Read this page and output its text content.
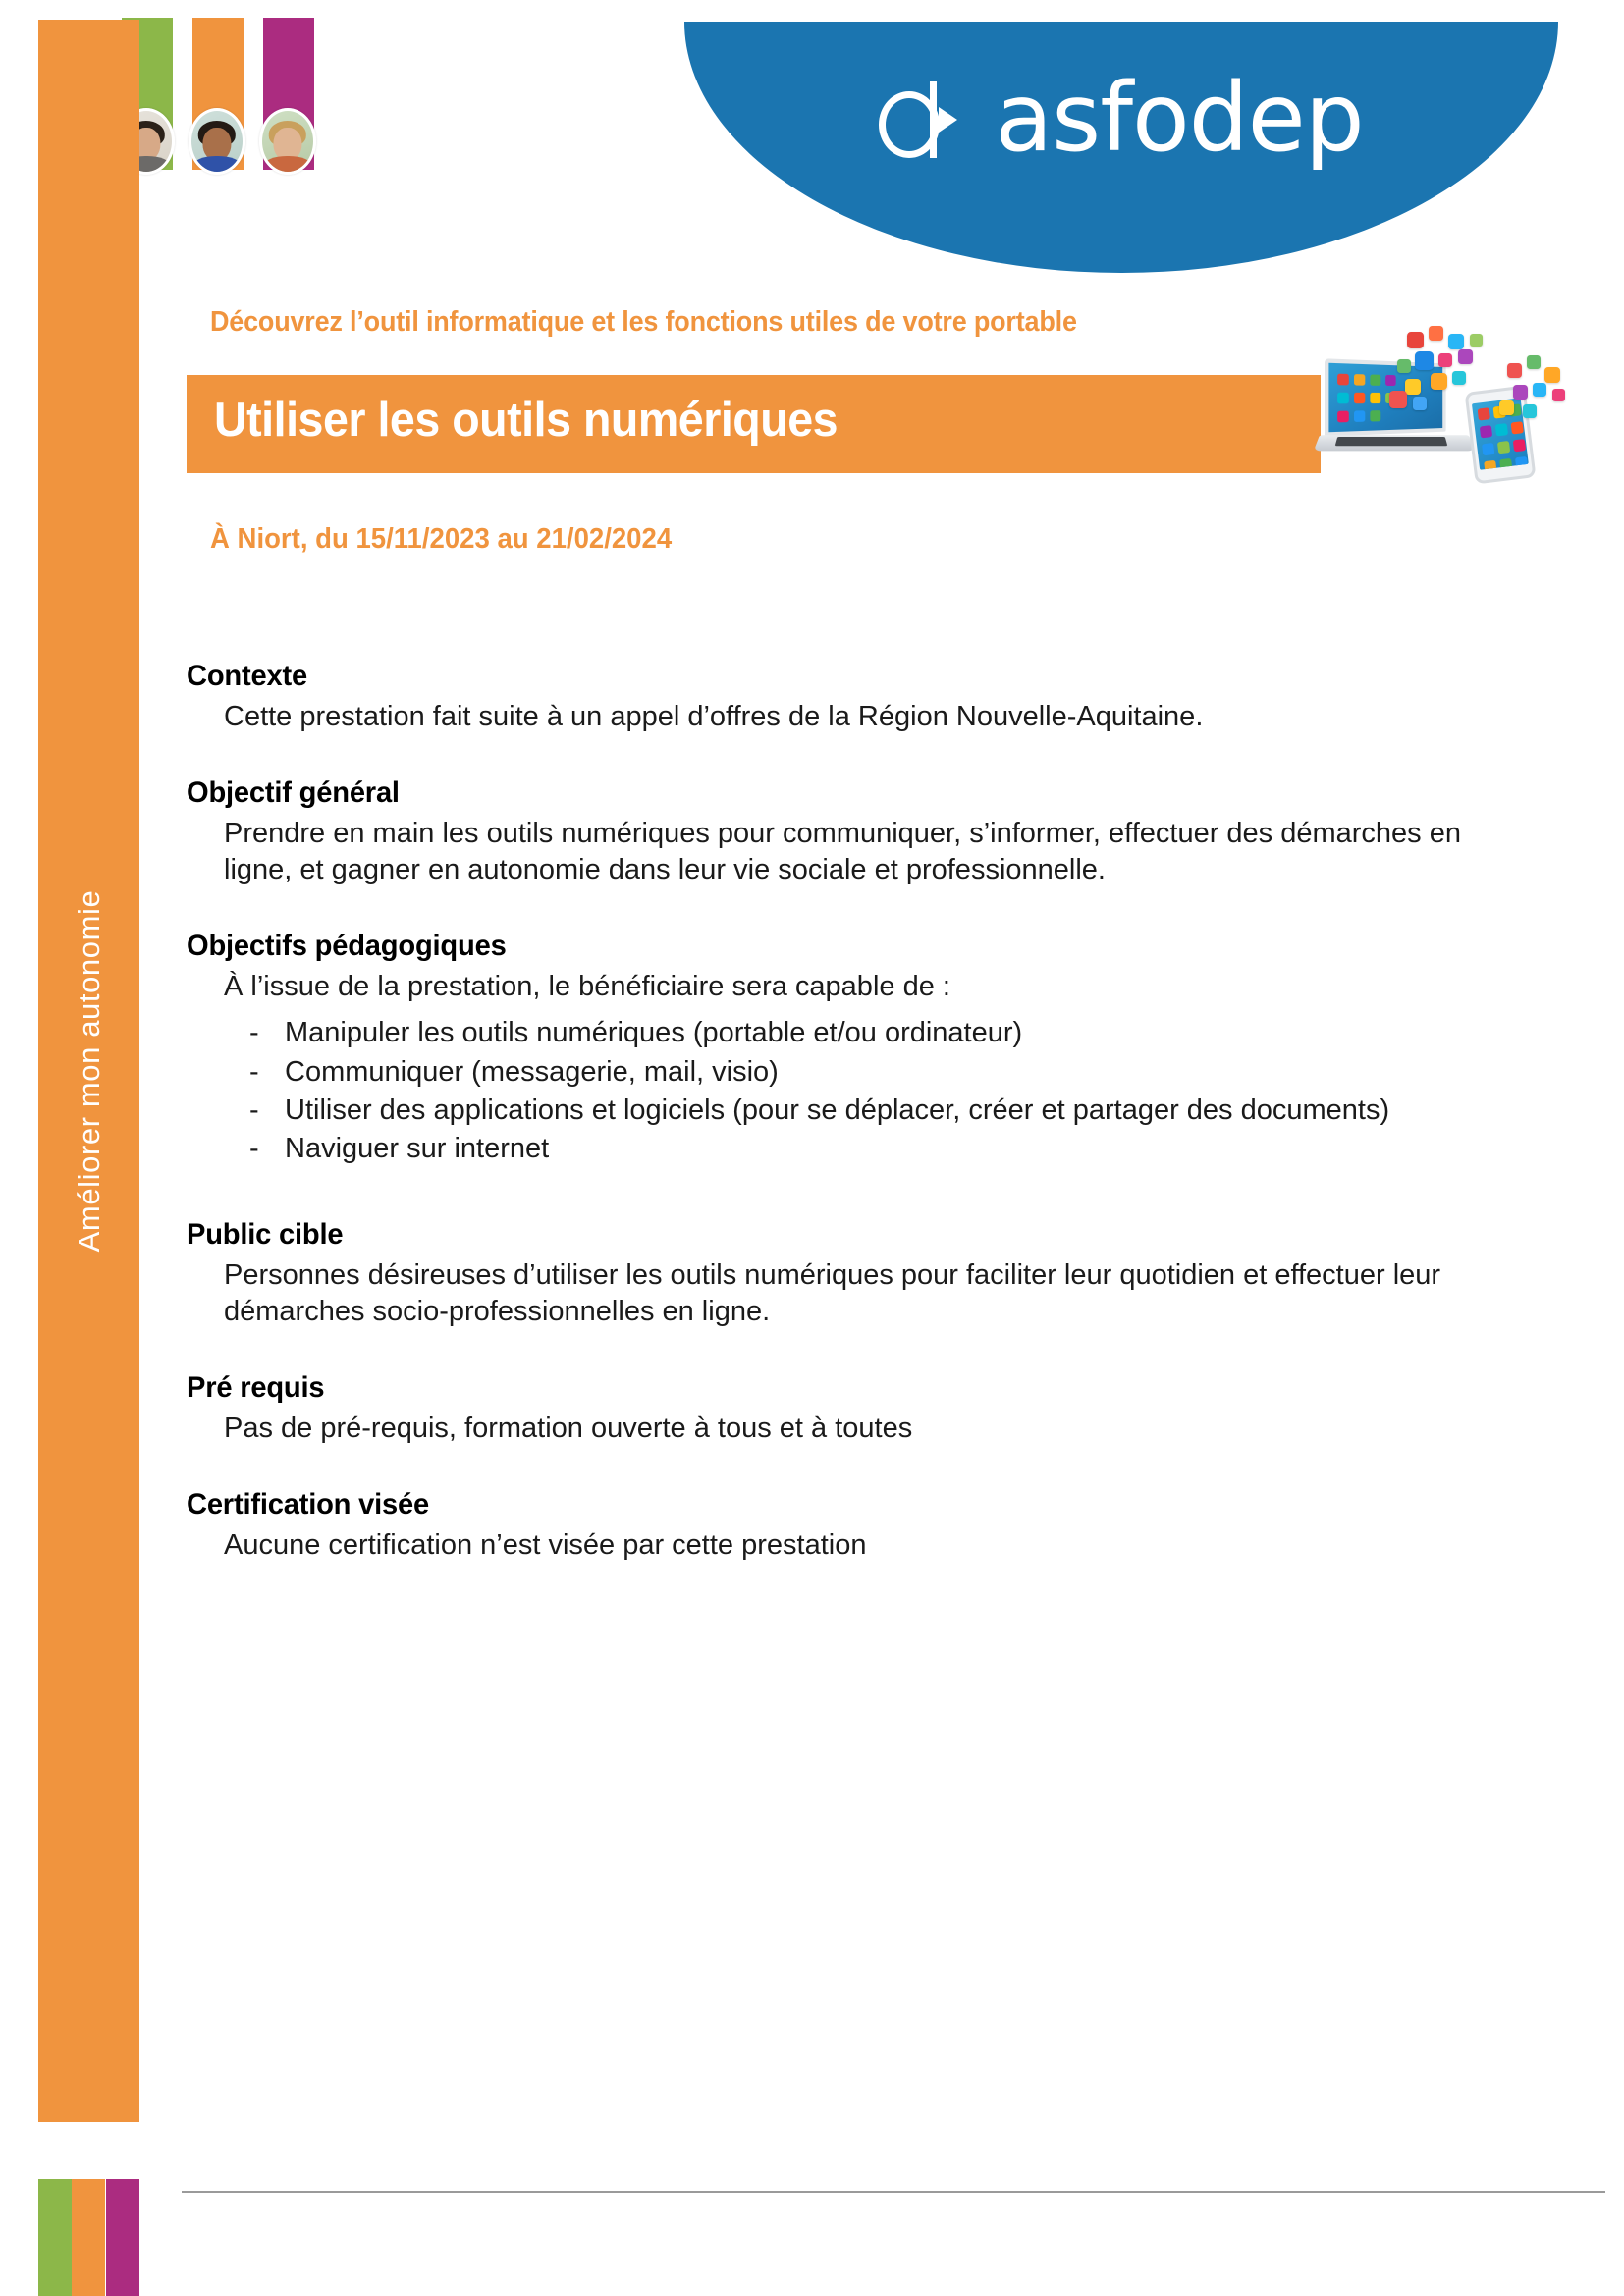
asfodep
Améliorer mon autonomie
Découvrez l’outil informatique et les fonctions utiles de votre portable
Utiliser les outils numériques
À Niort, du 15/11/2023 au 21/02/2024
Contexte

Cette prestation fait suite à un appel d’offres de la Région Nouvelle-Aquitaine.

Objectif général

Prendre en main les outils numériques pour communiquer, s’informer, effectuer des démarches en ligne, et gagner en autonomie dans leur vie sociale et professionnelle.

Objectifs pédagogiques

À l’issue de la prestation, le bénéficiaire sera capable de :

- Manipuler les outils numériques (portable et/ou ordinateur)
- Communiquer (messagerie, mail, visio)
- Utiliser des applications et logiciels (pour se déplacer, créer et partager des documents)
- Naviguer sur internet
Public cible

Personnes désireuses d’utiliser les outils numériques pour faciliter leur quotidien et effectuer leur démarches socio-professionnelles en ligne.

Pré requis

Pas de pré-requis, formation ouverte à tous et à toutes

Certification visée

Aucune certification n’est visée par cette prestation
